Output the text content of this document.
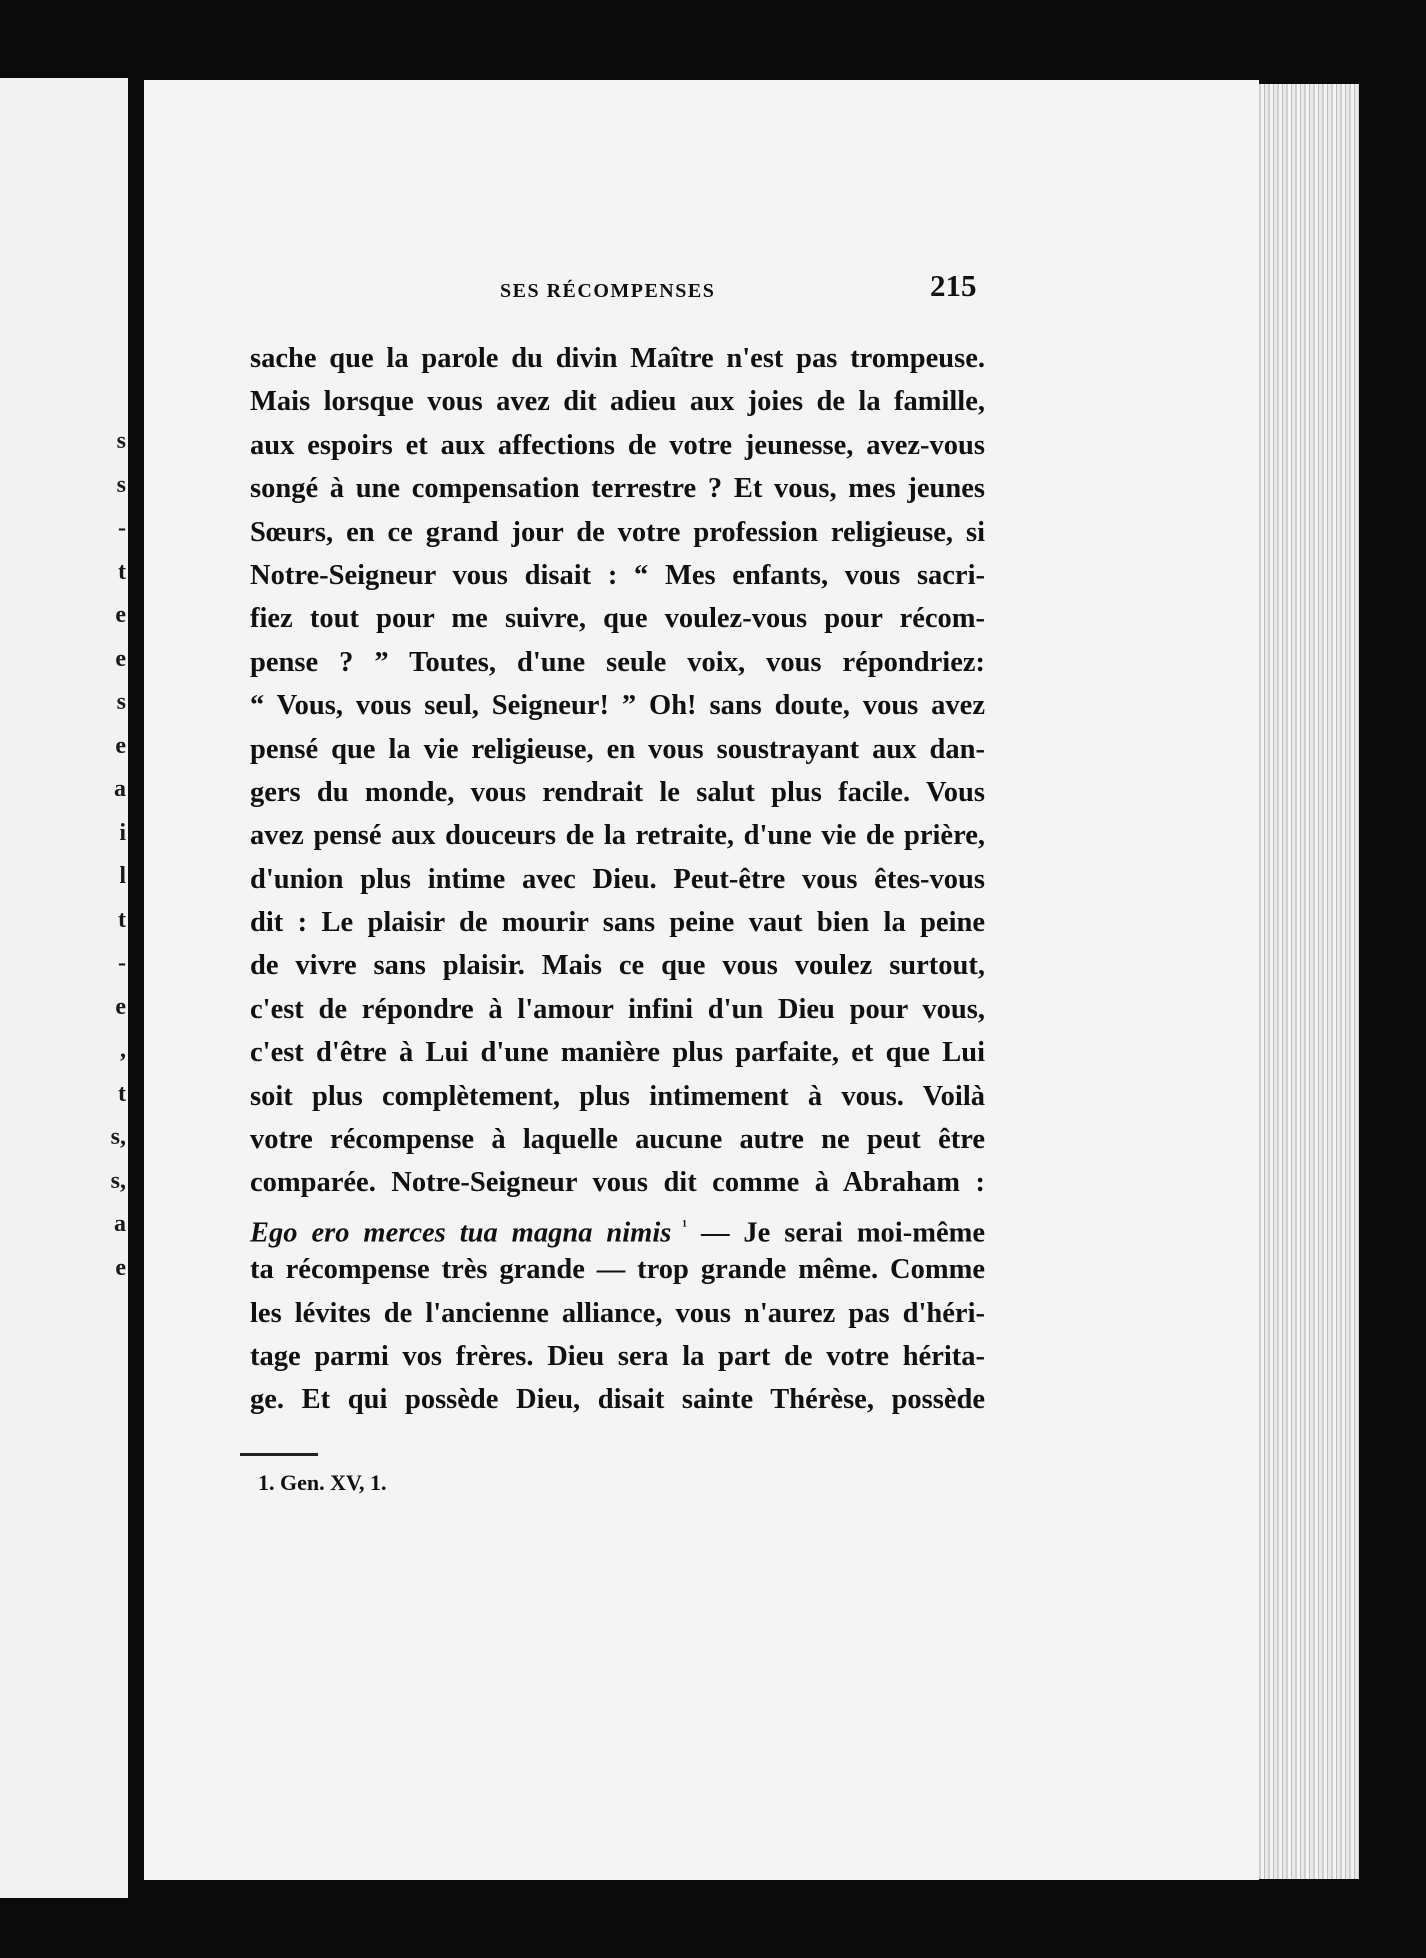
s
s
-
t
e
e
s
e
a
i
l
t
-
e
,
t
s,
s,
a
e
SES RÉCOMPENSES	215
sache que la parole du divin Maître n'est pas trompeuse.
Mais lorsque vous avez dit adieu aux joies de la famille,
aux espoirs et aux affections de votre jeunesse, avez-vous
songé à une compensation terrestre ? Et vous, mes jeunes
Sœurs, en ce grand jour de votre profession religieuse, si
Notre-Seigneur vous disait : “ Mes enfants, vous sacri-
fiez tout pour me suivre, que voulez-vous pour récom-
pense ? ” Toutes, d'une seule voix, vous répondriez:
“ Vous, vous seul, Seigneur! ” Oh! sans doute, vous avez
pensé que la vie religieuse, en vous soustrayant aux dan-
gers du monde, vous rendrait le salut plus facile. Vous
avez pensé aux douceurs de la retraite, d'une vie de prière,
d'union plus intime avec Dieu. Peut-être vous êtes-vous
dit : Le plaisir de mourir sans peine vaut bien la peine
de vivre sans plaisir. Mais ce que vous voulez surtout,
c'est de répondre à l'amour infini d'un Dieu pour vous,
c'est d'être à Lui d'une manière plus parfaite, et que Lui
soit plus complètement, plus intimement à vous. Voilà
votre récompense à laquelle aucune autre ne peut être
comparée. Notre-Seigneur vous dit comme à Abraham :
Ego ero merces tua magna nimis $^{^1}$ — Je serai moi-même
ta récompense très grande — trop grande même. Comme
les lévites de l'ancienne alliance, vous n'aurez pas d'héri-
tage parmi vos frères. Dieu sera la part de votre hérita-
ge. Et qui possède Dieu, disait sainte Thérèse, possède
1. Gen. XV, 1.
